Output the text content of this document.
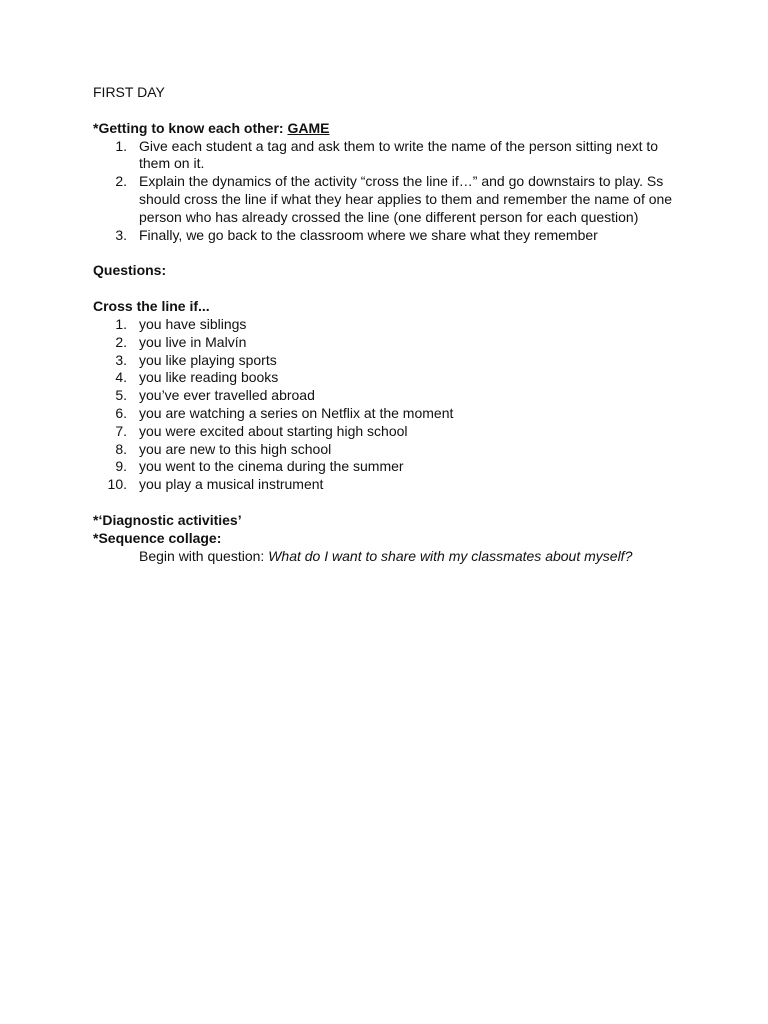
FIRST DAY

*Getting to know each other: GAME

1. Give each student a tag and ask them to write the name of the person sitting next to them on it.
2. Explain the dynamics of the activity “cross the line if…” and go downstairs to play. Ss should cross the line if what they hear applies to them and remember the name of one person who has already crossed the line (one different person for each question)
3. Finally, we go back to the classroom where we share what they remember

Questions:

Cross the line if...

1. you have siblings
2. you live in Malvín
3. you like playing sports
4. you like reading books
5. you’ve ever travelled abroad
6. you are watching a series on Netflix at the moment
7. you were excited about starting high school
8. you are new to this high school
9. you went to the cinema during the summer
10. you play a musical instrument

*‘Diagnostic activities’

*Sequence collage:

Begin with question: What do I want to share with my classmates about myself?
